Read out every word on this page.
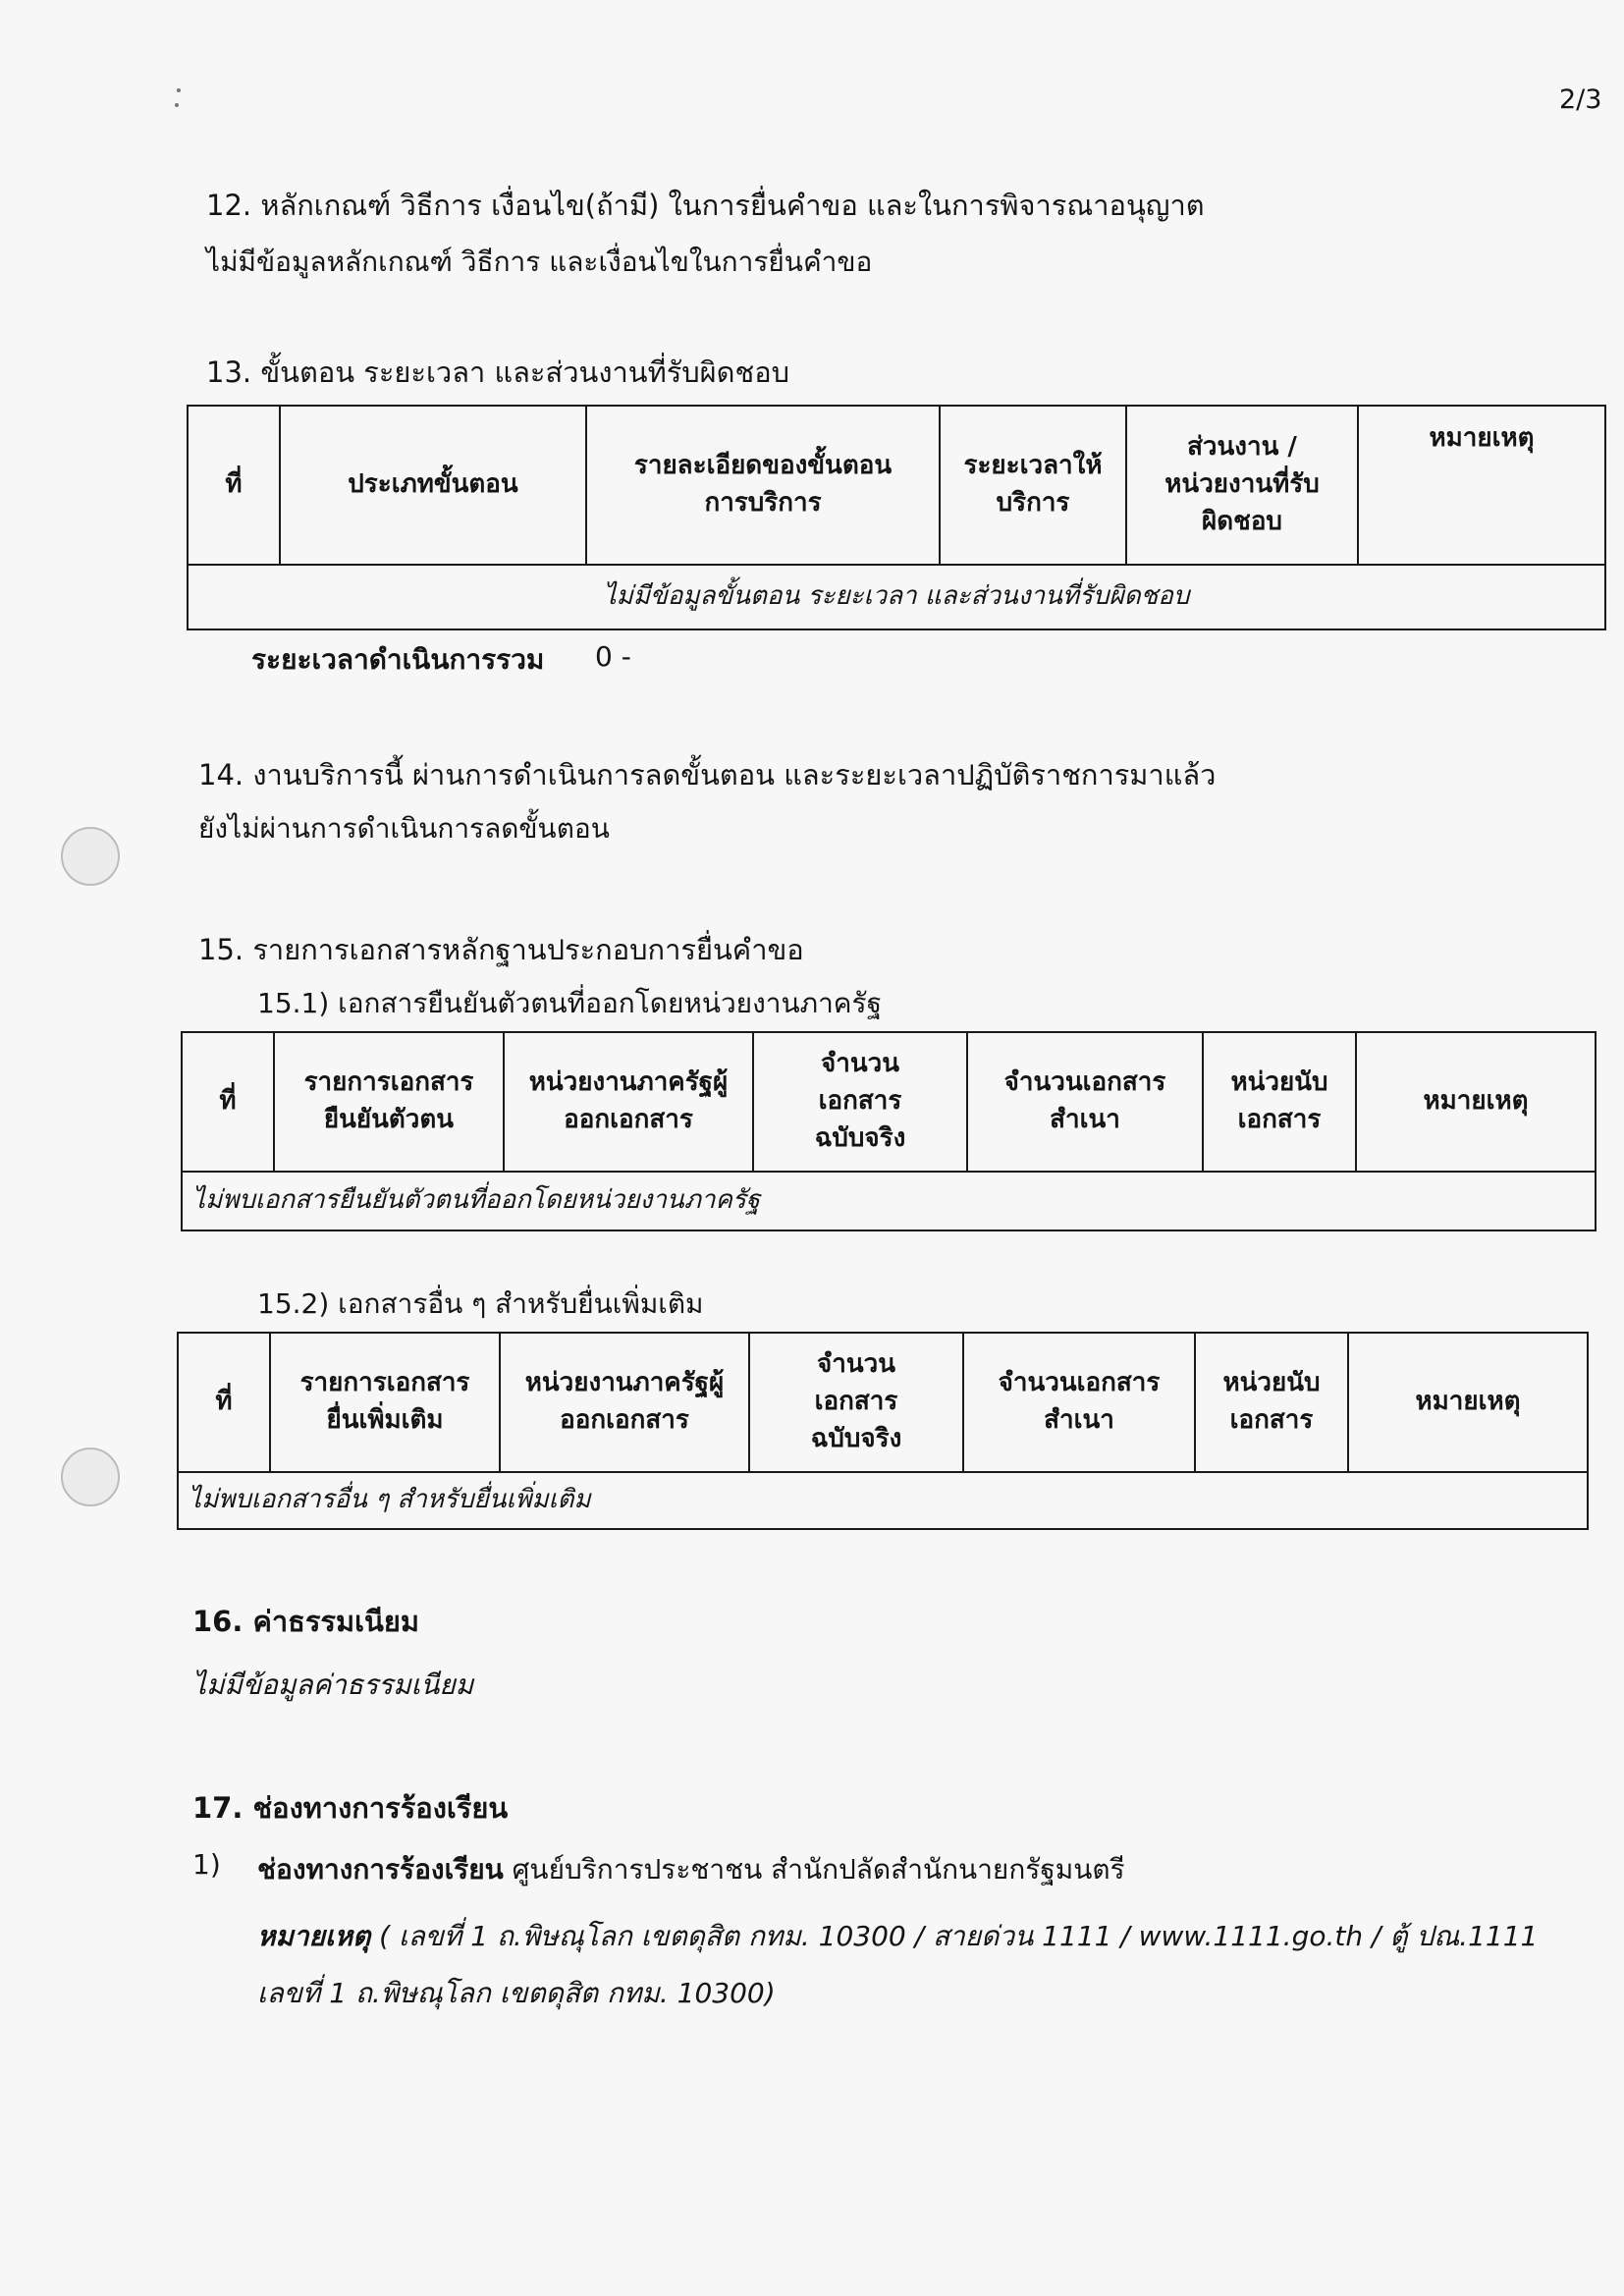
2/3
12. หลักเกณฑ์ วิธีการ เงื่อนไข(ถ้ามี) ในการยื่นคำขอ และในการพิจารณาอนุญาต
ไม่มีข้อมูลหลักเกณฑ์ วิธีการ และเงื่อนไขในการยื่นคำขอ
13. ขั้นตอน ระยะเวลา และส่วนงานที่รับผิดชอบ
ที่	ประเภทขั้นตอน	รายละเอียดของขั้นตอนการบริการ	ระยะเวลาให้บริการ	ส่วนงาน / หน่วยงานที่รับผิดชอบ	หมายเหตุ
ไม่มีข้อมูลขั้นตอน ระยะเวลา และส่วนงานที่รับผิดชอบ
ระยะเวลาดำเนินการรวม 0 -
14. งานบริการนี้ ผ่านการดำเนินการลดขั้นตอน และระยะเวลาปฏิบัติราชการมาแล้ว
ยังไม่ผ่านการดำเนินการลดขั้นตอน
15. รายการเอกสารหลักฐานประกอบการยื่นคำขอ
15.1) เอกสารยืนยันตัวตนที่ออกโดยหน่วยงานภาครัฐ
ที่	รายการเอกสารยืนยันตัวตน	หน่วยงานภาครัฐผู้ออกเอกสาร	จำนวนเอกสารฉบับจริง	จำนวนเอกสารสำเนา	หน่วยนับเอกสาร	หมายเหตุ
ไม่พบเอกสารยืนยันตัวตนที่ออกโดยหน่วยงานภาครัฐ
15.2) เอกสารอื่น ๆ สำหรับยื่นเพิ่มเติม
ที่	รายการเอกสารยื่นเพิ่มเติม	หน่วยงานภาครัฐผู้ออกเอกสาร	จำนวนเอกสารฉบับจริง	จำนวนเอกสารสำเนา	หน่วยนับเอกสาร	หมายเหตุ
ไม่พบเอกสารอื่น ๆ สำหรับยื่นเพิ่มเติม
16. ค่าธรรมเนียม
ไม่มีข้อมูลค่าธรรมเนียม
17. ช่องทางการร้องเรียน
1) ช่องทางการร้องเรียน ศูนย์บริการประชาชน สำนักปลัดสำนักนายกรัฐมนตรี
หมายเหตุ ( เลขที่ 1 ถ.พิษณุโลก เขตดุสิต กทม. 10300 / สายด่วน 1111 / www.1111.go.th / ตู้ ปณ.1111
เลขที่ 1 ถ.พิษณุโลก เขตดุสิต กทม. 10300)
